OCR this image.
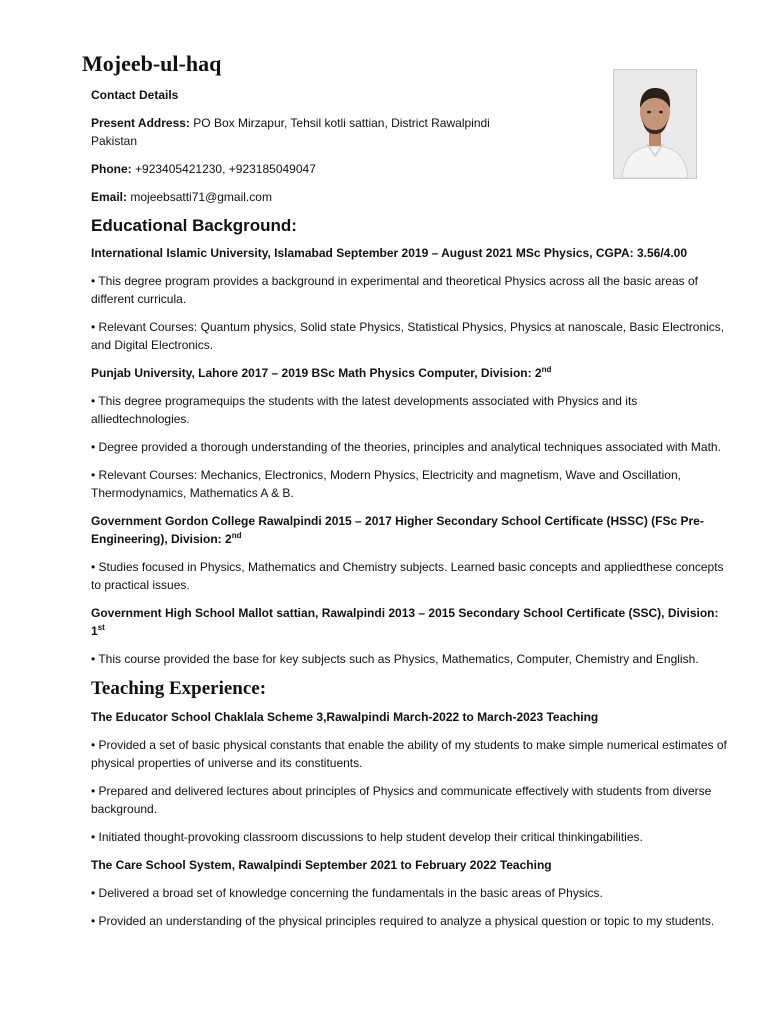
Mojeeb-ul-haq

Contact Details

Present Address: PO Box Mirzapur, Tehsil kotli sattian, District Rawalpindi Pakistan

Phone: +923405421230, +923185049047

Email: mojeebsatti71@gmail.com

Educational Background:

International Islamic University, Islamabad September 2019 – August 2021 MSc Physics, CGPA: 3.56/4.00

• This degree program provides a background in experimental and theoretical Physics across all the basic areas of different curricula.

• Relevant Courses: Quantum physics, Solid state Physics, Statistical Physics, Physics at nanoscale, Basic Electronics, and Digital Electronics.

Punjab University, Lahore 2017 – 2019 BSc Math Physics Computer, Division: 2nd

• This degree programequips the students with the latest developments associated with Physics and its alliedtechnologies.

• Degree provided a thorough understanding of the theories, principles and analytical techniques associated with Math.

• Relevant Courses: Mechanics, Electronics, Modern Physics, Electricity and magnetism, Wave and Oscillation, Thermodynamics, Mathematics A & B.

Government Gordon College Rawalpindi 2015 – 2017 Higher Secondary School Certificate (HSSC) (FSc Pre-Engineering), Division: 2nd

• Studies focused in Physics, Mathematics and Chemistry subjects. Learned basic concepts and appliedthese concepts to practical issues.

Government High School Mallot sattian, Rawalpindi 2013 – 2015 Secondary School Certificate (SSC), Division: 1st

• This course provided the base for key subjects such as Physics, Mathematics, Computer, Chemistry and English.

Teaching Experience:

The Educator School Chaklala Scheme 3,Rawalpindi March-2022 to March-2023 Teaching

• Provided a set of basic physical constants that enable the ability of my students to make simple numerical estimates of physical properties of universe and its constituents.

• Prepared and delivered lectures about principles of Physics and communicate effectively with students from diverse background.

• Initiated thought-provoking classroom discussions to help student develop their critical thinkingabilities.

The Care School System, Rawalpindi September 2021 to February 2022 Teaching

• Delivered a broad set of knowledge concerning the fundamentals in the basic areas of Physics.

• Provided an understanding of the physical principles required to analyze a physical question or topic to my students.
